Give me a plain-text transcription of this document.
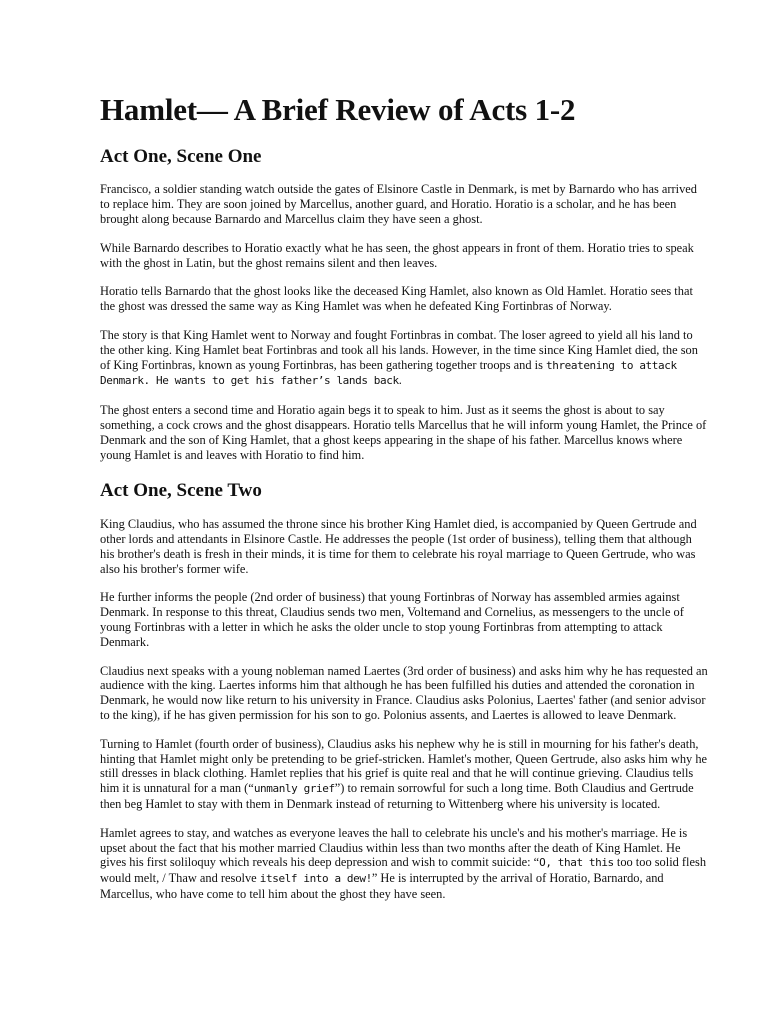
Hamlet— A Brief Review of Acts 1-2
Act One, Scene One

Francisco, a soldier standing watch outside the gates of Elsinore Castle in Denmark, is met by Barnardo who has arrived to replace him. They are soon joined by Marcellus, another guard, and Horatio. Horatio is a scholar, and he has been brought along because Barnardo and Marcellus claim they have seen a ghost.

While Barnardo describes to Horatio exactly what he has seen, the ghost appears in front of them. Horatio tries to speak with the ghost in Latin, but the ghost remains silent and then leaves.

Horatio tells Barnardo that the ghost looks like the deceased King Hamlet, also known as Old Hamlet. Horatio sees that the ghost was dressed the same way as King Hamlet was when he defeated King Fortinbras of Norway.

The story is that King Hamlet went to Norway and fought Fortinbras in combat. The loser agreed to yield all his land to the other king. King Hamlet beat Fortinbras and took all his lands. However, in the time since King Hamlet died, the son of King Fortinbras, known as young Fortinbras, has been gathering together troops and is threatening to attack Denmark. He wants to get his father’s lands back.

The ghost enters a second time and Horatio again begs it to speak to him. Just as it seems the ghost is about to say something, a cock crows and the ghost disappears. Horatio tells Marcellus that he will inform young Hamlet, the Prince of Denmark and the son of King Hamlet, that a ghost keeps appearing in the shape of his father. Marcellus knows where young Hamlet is and leaves with Horatio to find him.

Act One, Scene Two

King Claudius, who has assumed the throne since his brother King Hamlet died, is accompanied by Queen Gertrude and other lords and attendants in Elsinore Castle. He addresses the people (1st order of business), telling them that although his brother's death is fresh in their minds, it is time for them to celebrate his royal marriage to Queen Gertrude, who was also his brother's former wife.

He further informs the people (2nd order of business) that young Fortinbras of Norway has assembled armies against Denmark. In response to this threat, Claudius sends two men, Voltemand and Cornelius, as messengers to the uncle of young Fortinbras with a letter in which he asks the older uncle to stop young Fortinbras from attempting to attack Denmark.

Claudius next speaks with a young nobleman named Laertes (3rd order of business) and asks him why he has requested an audience with the king. Laertes informs him that although he has been fulfilled his duties and attended the coronation in Denmark, he would now like return to his university in France. Claudius asks Polonius, Laertes' father (and senior advisor to the king), if he has given permission for his son to go. Polonius assents, and Laertes is allowed to leave Denmark.

Turning to Hamlet (fourth order of business), Claudius asks his nephew why he is still in mourning for his father's death, hinting that Hamlet might only be pretending to be grief-stricken. Hamlet's mother, Queen Gertrude, also asks him why he still dresses in black clothing. Hamlet replies that his grief is quite real and that he will continue grieving. Claudius tells him it is unnatural for a man (“unmanly grief”) to remain sorrowful for such a long time. Both Claudius and Gertrude then beg Hamlet to stay with them in Denmark instead of returning to Wittenberg where his university is located.

Hamlet agrees to stay, and watches as everyone leaves the hall to celebrate his uncle's and his mother's marriage. He is upset about the fact that his mother married Claudius within less than two months after the death of King Hamlet. He gives his first soliloquy which reveals his deep depression and wish to commit suicide: “O, that this too too solid flesh would melt, / Thaw and resolve itself into a dew!” He is interrupted by the arrival of Horatio, Barnardo, and Marcellus, who have come to tell him about the ghost they have seen.
